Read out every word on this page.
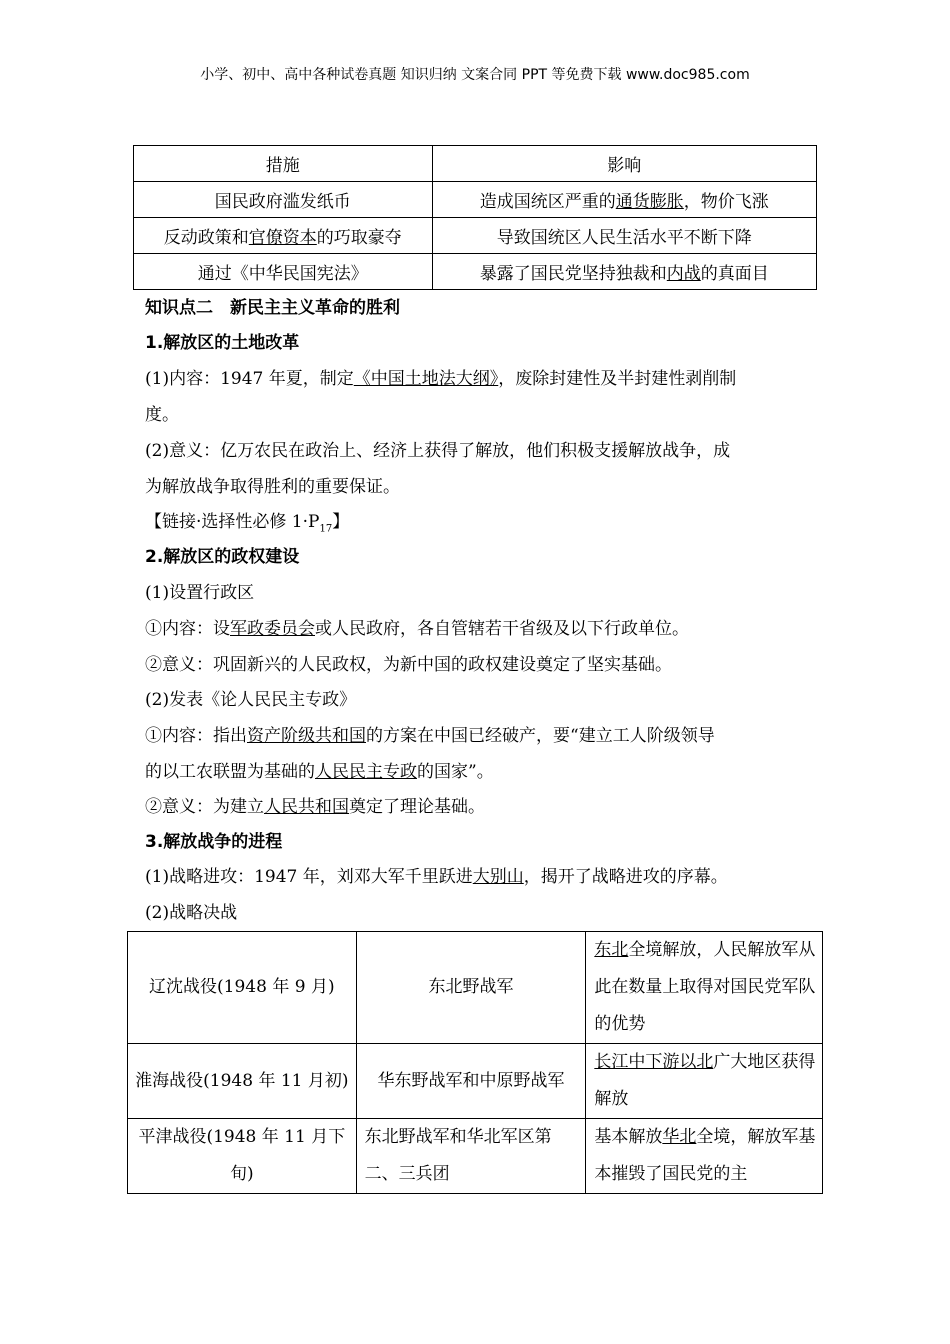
小学、初中、高中各种试卷真题 知识归纳 文案合同 PPT 等免费下载 www.doc985.com
措施	影响
国民政府滥发纸币	造成国统区严重的通货膨胀，物价飞涨
反动政策和官僚资本的巧取豪夺	导致国统区人民生活水平不断下降
通过《中华民国宪法》	暴露了国民党坚持独裁和内战的真面目
知识点二　新民主主义革命的胜利
1.解放区的土地改革
(1)内容：1947 年夏，制定《中国土地法大纲》，废除封建性及半封建性剥削制
度。
(2)意义：亿万农民在政治上、经济上获得了解放，他们积极支援解放战争，成
为解放战争取得胜利的重要保证。
【链接·选择性必修 $1\cdot P_{17}$】
2.解放区的政权建设
(1)设置行政区
①内容：设军政委员会或人民政府，各自管辖若干省级及以下行政单位。
②意义：巩固新兴的人民政权，为新中国的政权建设奠定了坚实基础。
(2)发表《论人民民主专政》
①内容：指出资产阶级共和国的方案在中国已经破产，要“建立工人阶级领导
的以工农联盟为基础的人民民主专政的国家”。
②意义：为建立人民共和国奠定了理论基础。
3.解放战争的进程
(1)战略进攻：1947 年，刘邓大军千里跃进大别山，揭开了战略进攻的序幕。
(2)战略决战
辽沈战役(1948 年 9 月)	东北野战军	东北全境解放，人民解放军从此在数量上取得对国民党军队的优势
淮海战役(1948 年 11 月初)	华东野战军和中原野战军	长江中下游以北广大地区获得解放
平津战役(1948 年 11 月下旬)	东北野战军和华北军区第二、三兵团	基本解放华北全境，解放军基本摧毁了国民党的主
